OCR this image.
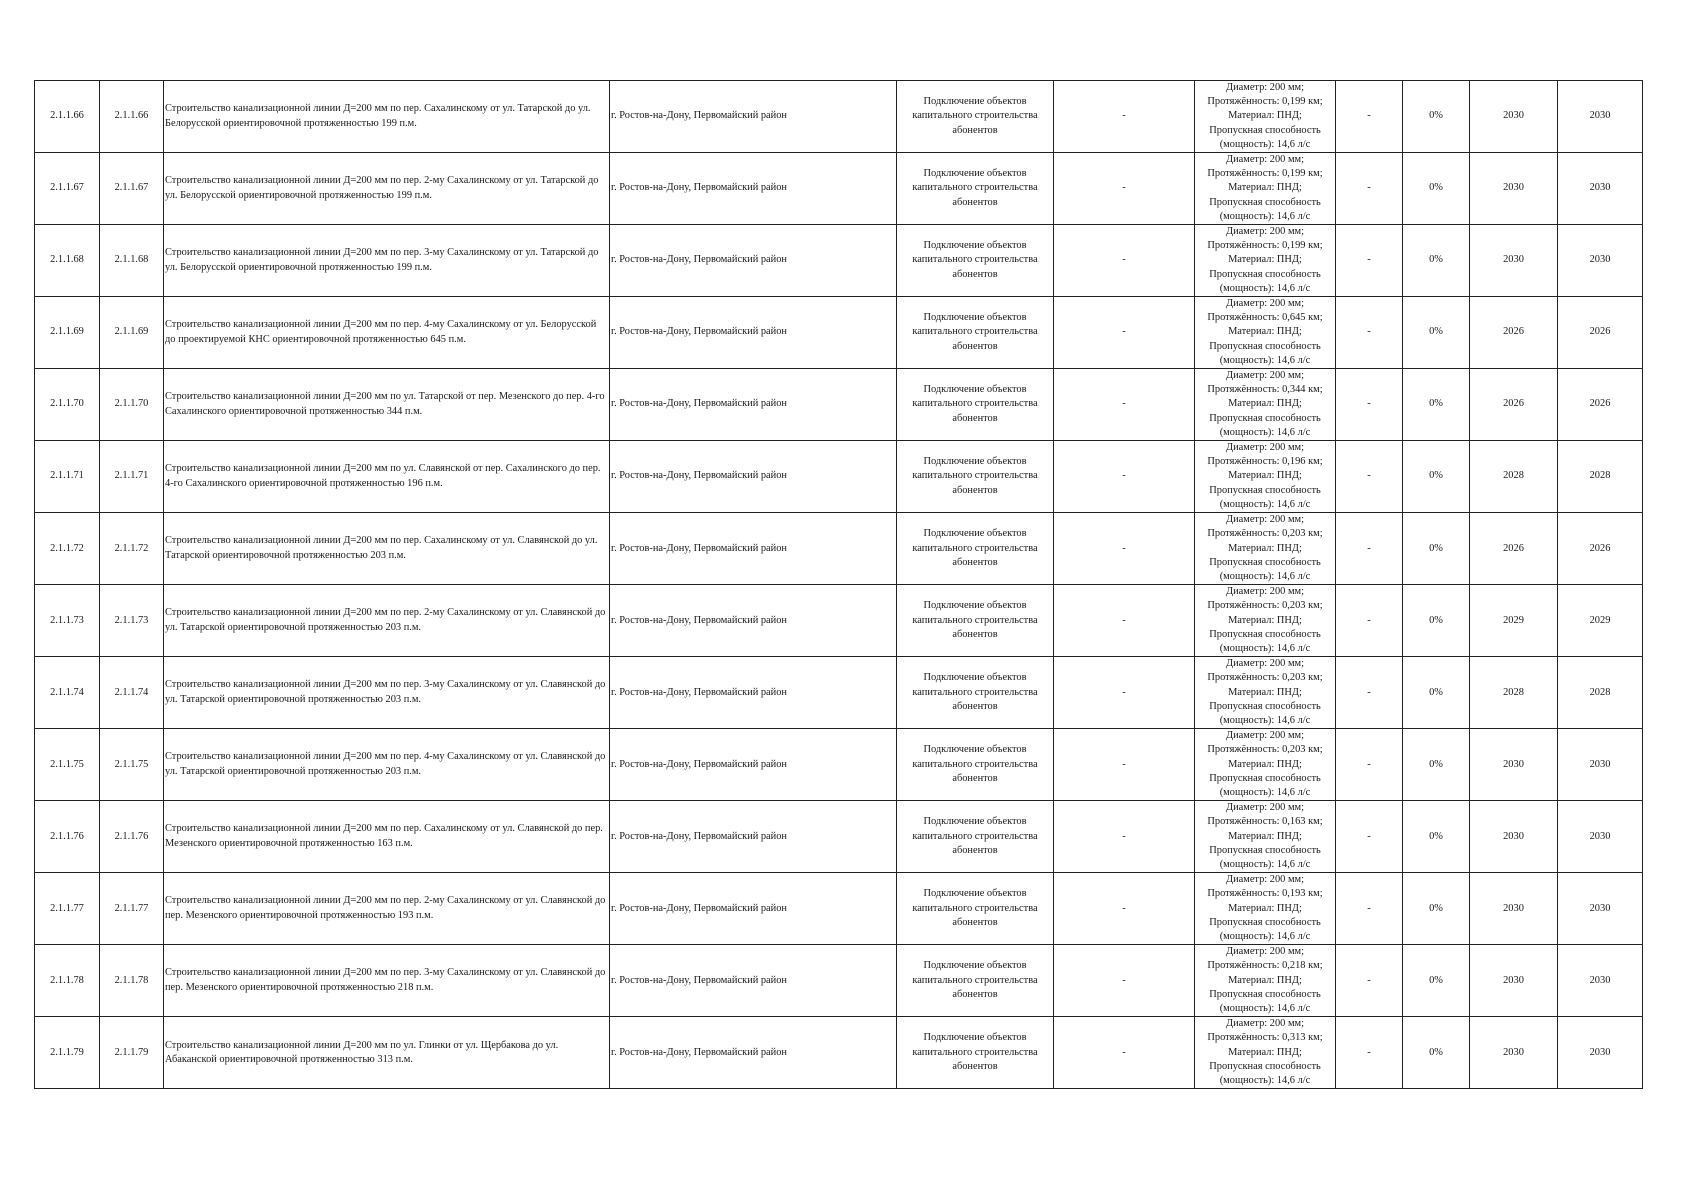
2.1.1.66	2.1.1.66	Строительство канализационной линии Д=200 мм по пер. Сахалинскому от ул. Татарской до ул. Белорусской ориентировочной протяженностью 199 п.м.	г. Ростов-на-Дону, Первомайский район	Подключение объектов капитального строительства абонентов	-	Диаметр: 200 мм;
Протяжённость: 0,199 км;
Материал: ПНД;
Пропускная способность
(мощность): 14,6 л/с	-	0%	2030	2030
2.1.1.67	2.1.1.67	Строительство канализационной линии Д=200 мм по пер. 2-му Сахалинскому от ул. Татарской до ул. Белорусской ориентировочной протяженностью 199 п.м.	г. Ростов-на-Дону, Первомайский район	Подключение объектов капитального строительства абонентов	-	Диаметр: 200 мм;
Протяжённость: 0,199 км;
Материал: ПНД;
Пропускная способность
(мощность): 14,6 л/с	-	0%	2030	2030
2.1.1.68	2.1.1.68	Строительство канализационной линии Д=200 мм по пер. 3-му Сахалинскому от ул. Татарской до ул. Белорусской ориентировочной протяженностью 199 п.м.	г. Ростов-на-Дону, Первомайский район	Подключение объектов капитального строительства абонентов	-	Диаметр: 200 мм;
Протяжённость: 0,199 км;
Материал: ПНД;
Пропускная способность
(мощность): 14,6 л/с	-	0%	2030	2030
2.1.1.69	2.1.1.69	Строительство канализационной линии Д=200 мм по пер. 4-му Сахалинскому от ул. Белорусской до проектируемой КНС ориентировочной протяженностью 645 п.м.	г. Ростов-на-Дону, Первомайский район	Подключение объектов капитального строительства абонентов	-	Диаметр: 200 мм;
Протяжённость: 0,645 км;
Материал: ПНД;
Пропускная способность
(мощность): 14,6 л/с	-	0%	2026	2026
2.1.1.70	2.1.1.70	Строительство канализационной линии Д=200 мм по ул. Татарской от пер. Мезенского до пер. 4-го Сахалинского ориентировочной протяженностью 344 п.м.	г. Ростов-на-Дону, Первомайский район	Подключение объектов капитального строительства абонентов	-	Диаметр: 200 мм;
Протяжённость: 0,344 км;
Материал: ПНД;
Пропускная способность
(мощность): 14,6 л/с	-	0%	2026	2026
2.1.1.71	2.1.1.71	Строительство канализационной линии Д=200 мм по ул. Славянской от пер. Сахалинского до пер. 4-го Сахалинского ориентировочной протяженностью 196 п.м.	г. Ростов-на-Дону, Первомайский район	Подключение объектов капитального строительства абонентов	-	Диаметр: 200 мм;
Протяжённость: 0,196 км;
Материал: ПНД;
Пропускная способность
(мощность): 14,6 л/с	-	0%	2028	2028
2.1.1.72	2.1.1.72	Строительство канализационной линии Д=200 мм по пер. Сахалинскому от ул. Славянской до ул. Татарской ориентировочной протяженностью 203 п.м.	г. Ростов-на-Дону, Первомайский район	Подключение объектов капитального строительства абонентов	-	Диаметр: 200 мм;
Протяжённость: 0,203 км;
Материал: ПНД;
Пропускная способность
(мощность): 14,6 л/с	-	0%	2026	2026
2.1.1.73	2.1.1.73	Строительство канализационной линии Д=200 мм по пер. 2-му Сахалинскому от ул. Славянской до ул. Татарской ориентировочной протяженностью 203 п.м.	г. Ростов-на-Дону, Первомайский район	Подключение объектов капитального строительства абонентов	-	Диаметр: 200 мм;
Протяжённость: 0,203 км;
Материал: ПНД;
Пропускная способность
(мощность): 14,6 л/с	-	0%	2029	2029
2.1.1.74	2.1.1.74	Строительство канализационной линии Д=200 мм по пер. 3-му Сахалинскому от ул. Славянской до ул. Татарской ориентировочной протяженностью 203 п.м.	г. Ростов-на-Дону, Первомайский район	Подключение объектов капитального строительства абонентов	-	Диаметр: 200 мм;
Протяжённость: 0,203 км;
Материал: ПНД;
Пропускная способность
(мощность): 14,6 л/с	-	0%	2028	2028
2.1.1.75	2.1.1.75	Строительство канализационной линии Д=200 мм по пер. 4-му Сахалинскому от ул. Славянской до ул. Татарской ориентировочной протяженностью 203 п.м.	г. Ростов-на-Дону, Первомайский район	Подключение объектов капитального строительства абонентов	-	Диаметр: 200 мм;
Протяжённость: 0,203 км;
Материал: ПНД;
Пропускная способность
(мощность): 14,6 л/с	-	0%	2030	2030
2.1.1.76	2.1.1.76	Строительство канализационной линии Д=200 мм по пер. Сахалинскому от ул. Славянской до пер. Мезенского ориентировочной протяженностью 163 п.м.	г. Ростов-на-Дону, Первомайский район	Подключение объектов капитального строительства абонентов	-	Диаметр: 200 мм;
Протяжённость: 0,163 км;
Материал: ПНД;
Пропускная способность
(мощность): 14,6 л/с	-	0%	2030	2030
2.1.1.77	2.1.1.77	Строительство канализационной линии Д=200 мм по пер. 2-му Сахалинскому от ул. Славянской до пер. Мезенского ориентировочной протяженностью 193 п.м.	г. Ростов-на-Дону, Первомайский район	Подключение объектов капитального строительства абонентов	-	Диаметр: 200 мм;
Протяжённость: 0,193 км;
Материал: ПНД;
Пропускная способность
(мощность): 14,6 л/с	-	0%	2030	2030
2.1.1.78	2.1.1.78	Строительство канализационной линии Д=200 мм по пер. 3-му Сахалинскому от ул. Славянской до пер. Мезенского ориентировочной протяженностью 218 п.м.	г. Ростов-на-Дону, Первомайский район	Подключение объектов капитального строительства абонентов	-	Диаметр: 200 мм;
Протяжённость: 0,218 км;
Материал: ПНД;
Пропускная способность
(мощность): 14,6 л/с	-	0%	2030	2030
2.1.1.79	2.1.1.79	Строительство канализационной линии Д=200 мм по ул. Глинки от ул. Щербакова до ул. Абаканской ориентировочной протяженностью 313 п.м.	г. Ростов-на-Дону, Первомайский район	Подключение объектов капитального строительства абонентов	-	Диаметр: 200 мм;
Протяжённость: 0,313 км;
Материал: ПНД;
Пропускная способность
(мощность): 14,6 л/с	-	0%	2030	2030
